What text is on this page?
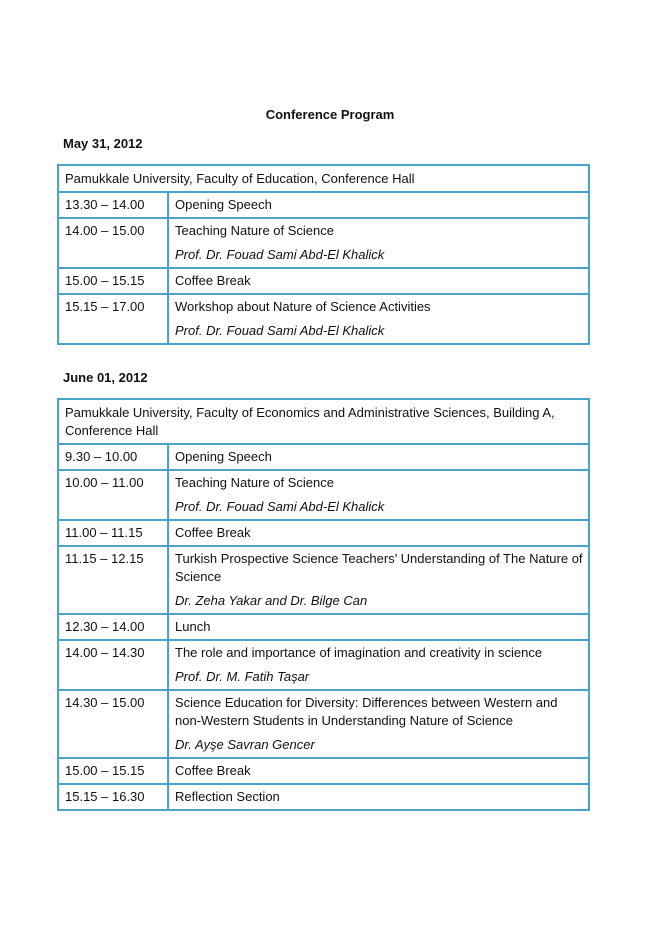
Conference Program
May 31, 2012
Pamukkale University, Faculty of Education, Conference Hall	
13.30 – 14.00	Opening Speech

14.00 – 15.00	Teaching Nature of Science
Prof. Dr. Fouad Sami Abd-El Khalick

15.00 – 15.15	Coffee Break

15.15 – 17.00	Workshop about Nature of Science Activities
Prof. Dr. Fouad Sami Abd-El Khalick
June 01, 2012
Pamukkale University, Faculty of Economics and Administrative Sciences, Building A, Conference Hall	
9.30 – 10.00	Opening Speech

10.00 – 11.00	Teaching Nature of Science
Prof. Dr. Fouad Sami Abd-El Khalick

11.00 – 11.15	Coffee Break

11.15 – 12.15	Turkish Prospective Science Teachers’ Understanding of The Nature of Science
Dr. Zeha Yakar and Dr. Bilge Can

12.30 – 14.00	Lunch

14.00 – 14.30	The role and importance of imagination and creativity in science
Prof. Dr. M. Fatih Taşar

14.30 – 15.00	Science Education for Diversity: Differences between Western and non-Western Students in Understanding Nature of Science
Dr. Ayşe Savran Gencer

15.00 – 15.15	Coffee Break

15.15 – 16.30	Reflection Section
